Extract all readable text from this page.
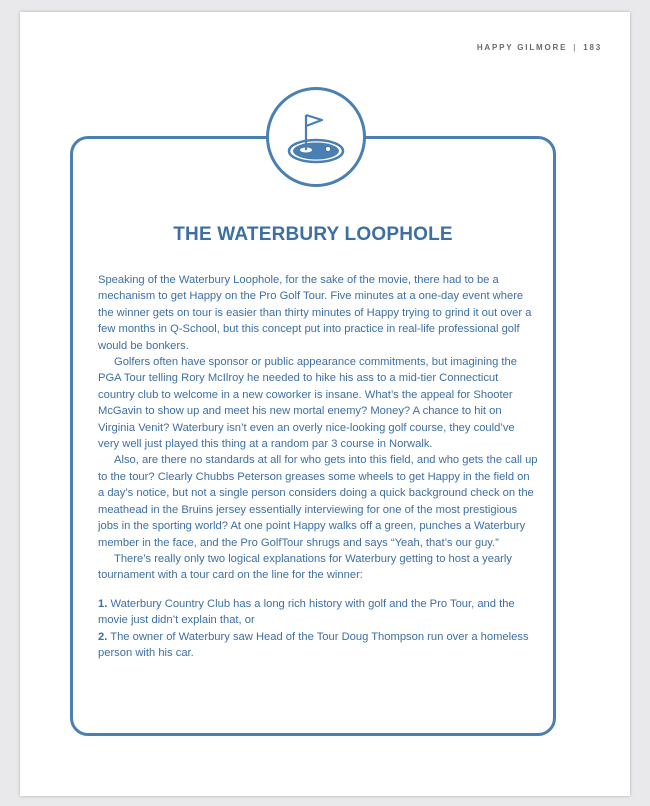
HAPPY GILMORE | 183
THE WATERBURY LOOPHOLE

Speaking of the Waterbury Loophole, for the sake of the movie, there had to be a mechanism to get Happy on the Pro Golf Tour. Five minutes at a one-day event where the winner gets on tour is easier than thirty minutes of Happy trying to grind it out over a few months in Q-School, but this concept put into practice in real-life professional golf would be bonkers.

Golfers often have sponsor or public appearance commitments, but imagining the PGA Tour telling Rory McIlroy he needed to hike his ass to a mid-tier Connecticut country club to welcome in a new coworker is insane. What’s the appeal for Shooter McGavin to show up and meet his new mortal enemy? Money? A chance to hit on Virginia Venit? Waterbury isn’t even an overly nice-looking golf course, they could’ve very well just played this thing at a random par 3 course in Norwalk.

Also, are there no standards at all for who gets into this field, and who gets the call up to the tour? Clearly Chubbs Peterson greases some wheels to get Happy in the field on a day’s notice, but not a single person considers doing a quick background check on the meathead in the Bruins jersey essentially interviewing for one of the most prestigious jobs in the sporting world? At one point Happy walks off a green, punches a Waterbury member in the face, and the Pro GolfTour shrugs and says “Yeah, that’s our guy.”

There’s really only two logical explanations for Waterbury getting to host a yearly tournament with a tour card on the line for the winner:

1. Waterbury Country Club has a long rich history with golf and the Pro Tour, and the movie just didn’t explain that, or

2. The owner of Waterbury saw Head of the Tour Doug Thompson run over a homeless person with his car.
